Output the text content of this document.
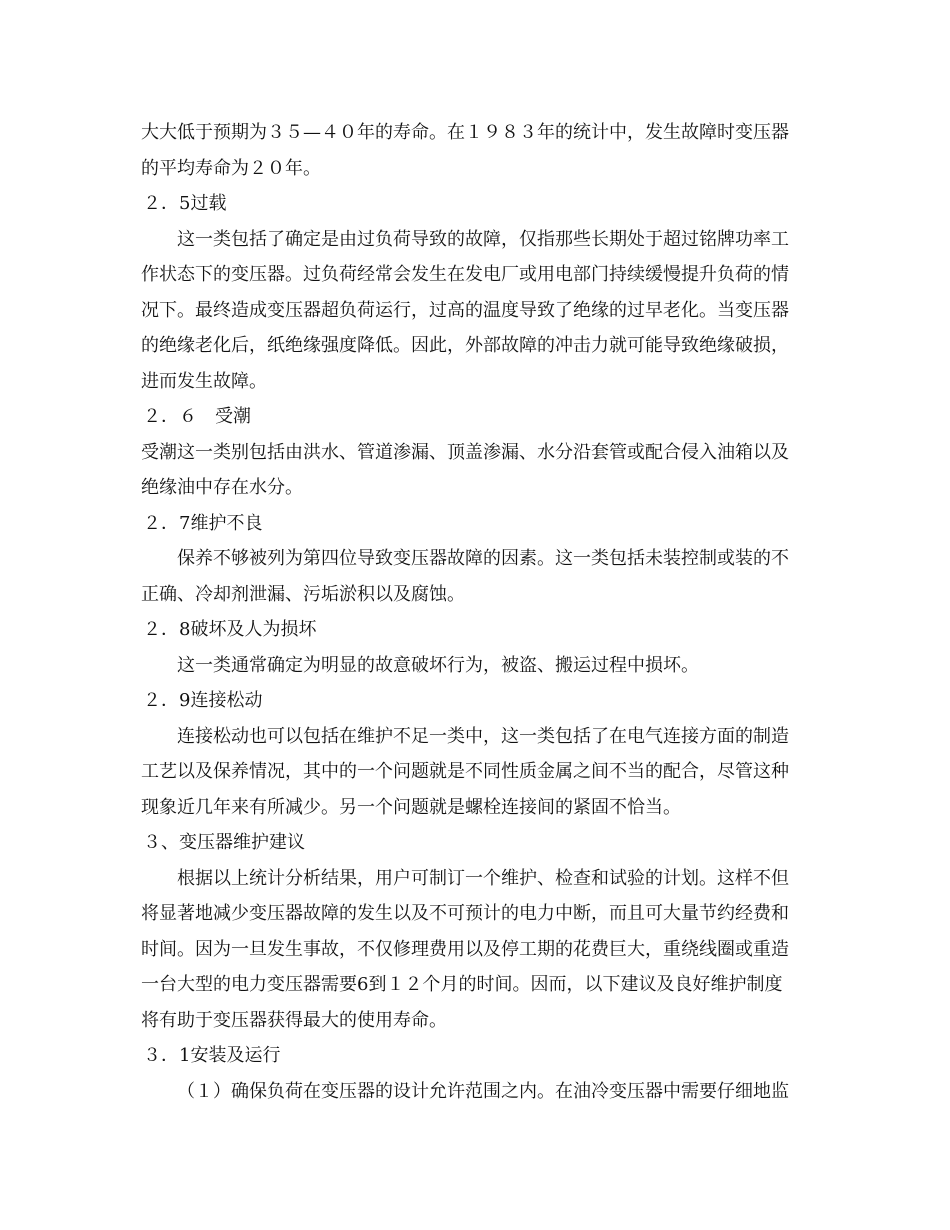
大大低于预期为３５—４０年的寿命。在１９８３年的统计中，发生故障时变压器
的平均寿命为２０年。
２．5过载
这一类包括了确定是由过负荷导致的故障，仅指那些长期处于超过铭牌功率工
作状态下的变压器。过负荷经常会发生在发电厂或用电部门持续缓慢提升负荷的情
况下。最终造成变压器超负荷运行，过高的温度导致了绝缘的过早老化。当变压器
的绝缘老化后，纸绝缘强度降低。因此，外部故障的冲击力就可能导致绝缘破损，
进而发生故障。
２．６　受潮
受潮这一类别包括由洪水、管道渗漏、顶盖渗漏、水分沿套管或配合侵入油箱以及
绝缘油中存在水分。
２．7维护不良
保养不够被列为第四位导致变压器故障的因素。这一类包括未装控制或装的不
正确、冷却剂泄漏、污垢淤积以及腐蚀。
２．8破坏及人为损坏
这一类通常确定为明显的故意破坏行为，被盗、搬运过程中损坏。
２．9连接松动
连接松动也可以包括在维护不足一类中，这一类包括了在电气连接方面的制造
工艺以及保养情况，其中的一个问题就是不同性质金属之间不当的配合，尽管这种
现象近几年来有所减少。另一个问题就是螺栓连接间的紧固不恰当。
３、变压器维护建议
根据以上统计分析结果，用户可制订一个维护、检查和试验的计划。这样不但
将显著地减少变压器故障的发生以及不可预计的电力中断，而且可大量节约经费和
时间。因为一旦发生事故，不仅修理费用以及停工期的花费巨大，重绕线圈或重造
一台大型的电力变压器需要6到１２个月的时间。因而，以下建议及良好维护制度
将有助于变压器获得最大的使用寿命。
３．1安装及运行
（１）确保负荷在变压器的设计允许范围之内。在油冷变压器中需要仔细地监
